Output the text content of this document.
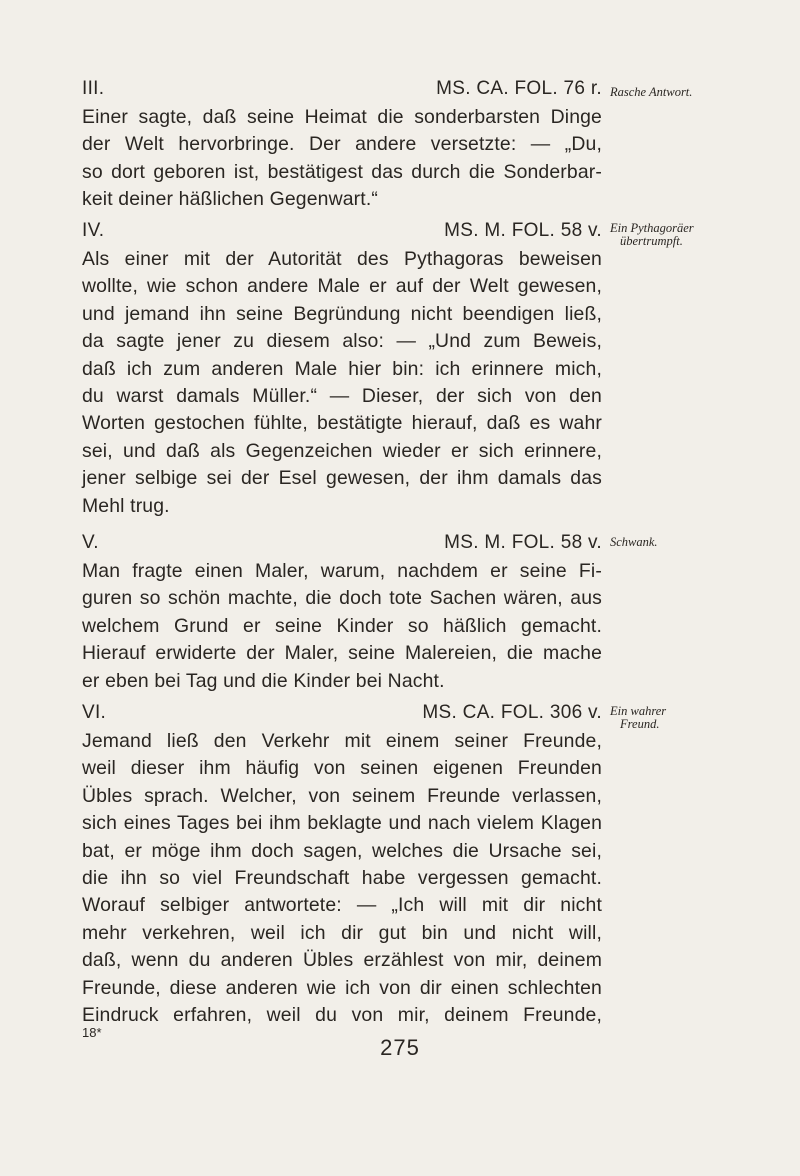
III.	MS. CA. FOL. 76 r.
Einer sagte, daß seine Heimat die sonderbarsten Dinge
der Welt hervorbringe. Der andere versetzte: — „Du,
so dort geboren ist, bestätigest das durch die Sonderbar-
keit deiner häßlichen Gegenwart.“
Rasche Antwort.
IV.	MS. M. FOL. 58 v.
Als einer mit der Autorität des Pythagoras beweisen
wollte, wie schon andere Male er auf der Welt gewesen,
und jemand ihn seine Begründung nicht beendigen ließ,
da sagte jener zu diesem also: — „Und zum Beweis,
daß ich zum anderen Male hier bin: ich erinnere mich,
du warst damals Müller.“ — Dieser, der sich von den
Worten gestochen fühlte, bestätigte hierauf, daß es wahr
sei, und daß als Gegenzeichen wieder er sich erinnere,
jener selbige sei der Esel gewesen, der ihm damals das
Mehl trug.
Ein Pythagoräer
übertrumpft.
V.	MS. M. FOL. 58 v.
Man fragte einen Maler, warum, nachdem er seine Fi-
guren so schön machte, die doch tote Sachen wären, aus
welchem Grund er seine Kinder so häßlich gemacht.
Hierauf erwiderte der Maler, seine Malereien, die mache
er eben bei Tag und die Kinder bei Nacht.
Schwank.
VI.	MS. CA. FOL. 306 v.
Jemand ließ den Verkehr mit einem seiner Freunde,
weil dieser ihm häufig von seinen eigenen Freunden
Übles sprach. Welcher, von seinem Freunde verlassen,
sich eines Tages bei ihm beklagte und nach vielem Klagen
bat, er möge ihm doch sagen, welches die Ursache sei,
die ihn so viel Freundschaft habe vergessen gemacht.
Worauf selbiger antwortete: — „Ich will mit dir nicht
mehr verkehren, weil ich dir gut bin und nicht will,
daß, wenn du anderen Übles erzählest von mir, deinem
Freunde, diese anderen wie ich von dir einen schlechten
Eindruck erfahren, weil du von mir, deinem Freunde,
Ein wahrer
Freund.
18*
275
